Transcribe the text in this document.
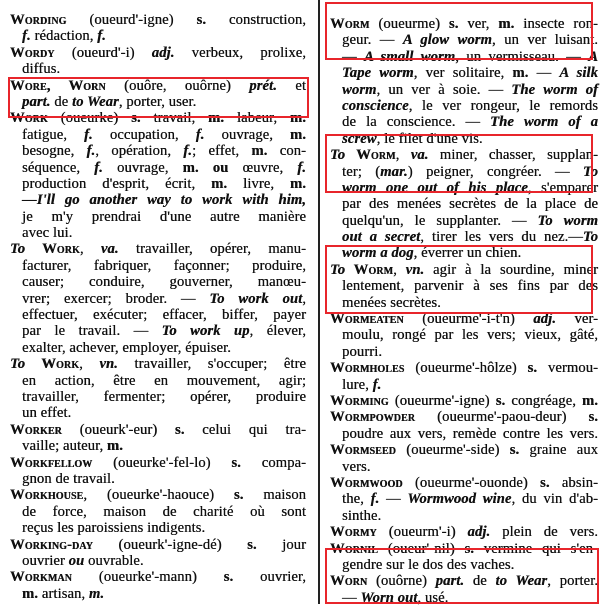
Wording (oueurd'-igne) s. construction,
f. rédaction, f.
Wordy (oueurd'-i) adj. verbeux, prolixe,
diffus.
Wore, Worn (ouôre, ouôrne) prét. et
part. de to Wear, porter, user.
Work (oueurke) s. travail, m. labeur, m.
fatigue, f. occupation, f. ouvrage, m.
besogne, f., opération, f.; effet, m. con-
séquence, f. ouvrage, m. ou œuvre, f.
production d'esprit, écrit, m. livre, m.
—I'll go another way to work with him,
je m'y prendrai d'une autre manière
avec lui.
To Work, va. travailler, opérer, manu-
facturer, fabriquer, façonner; produire,
causer; conduire, gouverner, manœu-
vrer; exercer; broder. — To work out,
effectuer, exécuter; effacer, biffer, payer
par le travail. — To work up, élever,
exalter, achever, employer, épuiser.
To Work, vn. travailler, s'occuper; être
en action, être en mouvement, agir;
travailler, fermenter; opérer, produire
un effet.
Worker (oueurk'-eur) s. celui qui tra-
vaille; auteur, m.
Workfellow (oueurke'-fel-lo) s. compa-
gnon de travail.
Workhouse, (oueurke'-haouce) s. maison
de force, maison de charité où sont
reçus les paroissiens indigents.
Working-day (oueurk'-igne-dé) s. jour
ouvrier ou ouvrable.
Workman (oueurke'-mann) s. ouvrier,
m. artisan, m.
Worm (oueurme) s. ver, m. insecte ron-
geur. — A glow worm, un ver luisant.
— A small worm, un vermisseau. — A
Tape worm, ver solitaire, m. — A silk
worm, un ver à soie. — The worm of
conscience, le ver rongeur, le remords
de la conscience. — The worm of a
screw, le filet d'une vis.
To Worm, va. miner, chasser, supplan-
ter; (mar.) peigner, congréer. — To
worm one out of his place, s'emparer
par des menées secrètes de la place de
quelqu'un, le supplanter. — To worm
out a secret, tirer les vers du nez.—To
worm a dog, éverrer un chien.
To Worm, vn. agir à la sourdine, miner
lentement, parvenir à ses fins par des
menées secrètes.
Wormeaten (oueurme'-i-t'n) adj. ver-
moulu, rongé par les vers; vieux, gâté,
pourri.
Wormholes (oueurme'-hôlze) s. vermou-
lure, f.
Worming (oueurme'-igne) s. congréage, m.
Wormpowder (oueurme'-paou-deur) s.
poudre aux vers, remède contre les vers.
Wormseed (oueurme'-side) s. graine aux
vers.
Wormwood (oueurme'-ouonde) s. absin-
the, f. — Wormwood wine, du vin d'ab-
sinthe.
Wormy (oueurm'-i) adj. plein de vers.
Wornil (oueur'-nil) s. vermine qui s'en-
gendre sur le dos des vaches.
Worn (ouôrne) part. de to Wear, porter.
— Worn out, usé.
